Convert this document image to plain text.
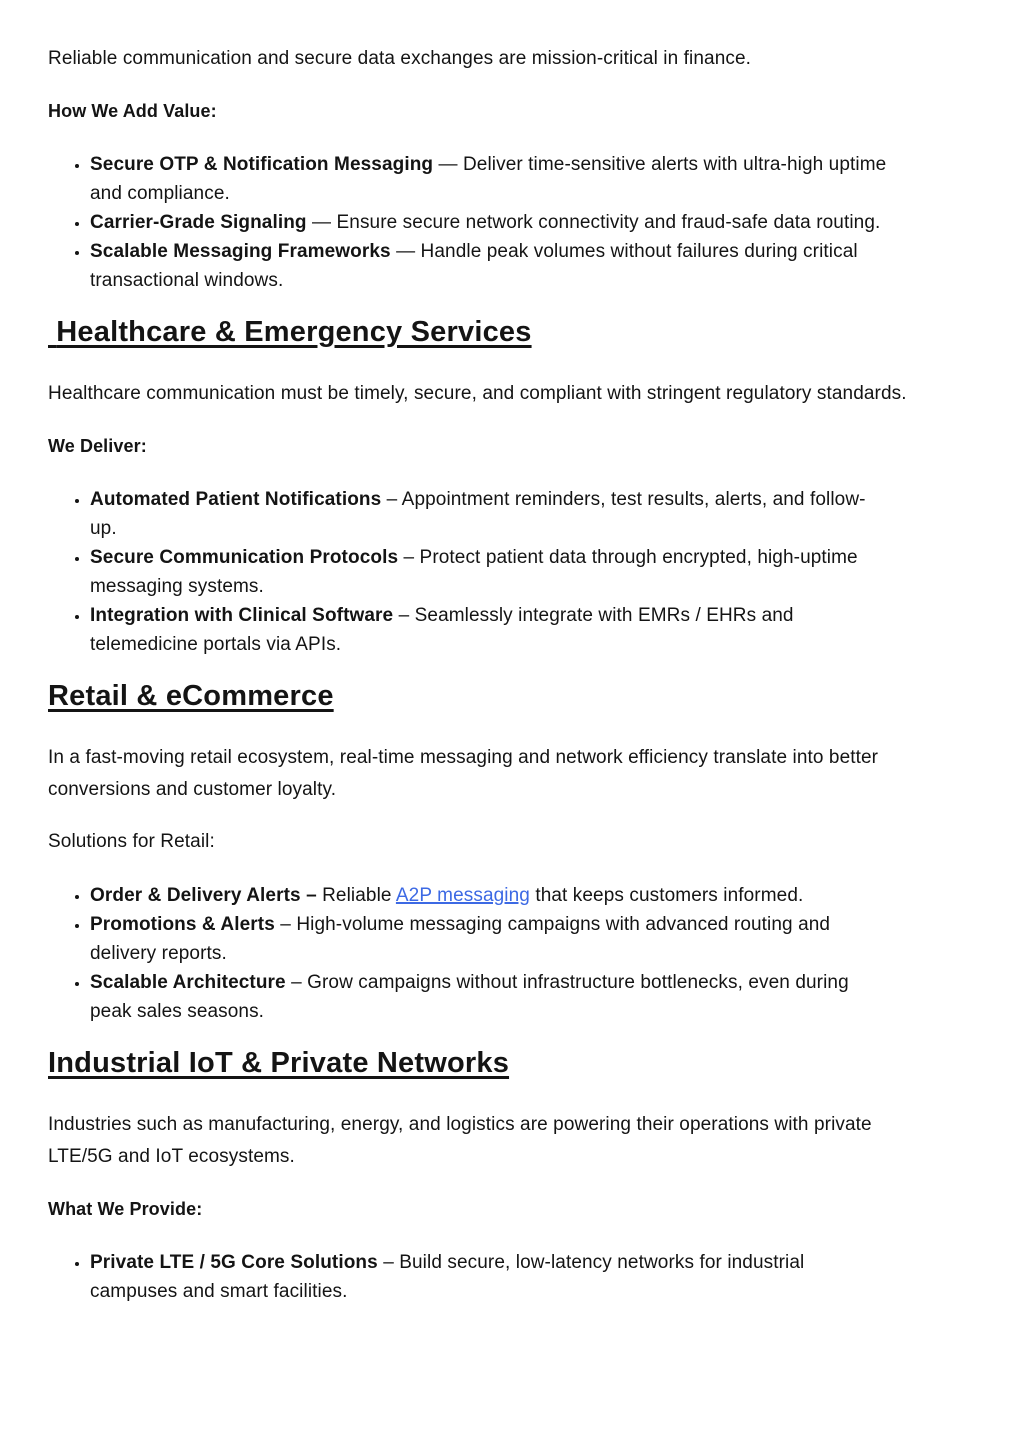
Reliable communication and secure data exchanges are mission-critical in finance.

How We Add Value:

• Secure OTP & Notification Messaging — Deliver time-sensitive alerts with ultra-high uptime and compliance.
• Carrier-Grade Signaling — Ensure secure network connectivity and fraud-safe data routing.
• Scalable Messaging Frameworks — Handle peak volumes without failures during critical transactional windows.
Healthcare & Emergency Services

Healthcare communication must be timely, secure, and compliant with stringent regulatory standards.

We Deliver:

• Automated Patient Notifications – Appointment reminders, test results, alerts, and follow-up.
• Secure Communication Protocols – Protect patient data through encrypted, high-uptime messaging systems.
• Integration with Clinical Software – Seamlessly integrate with EMRs / EHRs and telemedicine portals via APIs.
Retail & eCommerce

In a fast-moving retail ecosystem, real-time messaging and network efficiency translate into better conversions and customer loyalty.

Solutions for Retail:

• Order & Delivery Alerts – Reliable A2P messaging that keeps customers informed.
• Promotions & Alerts – High-volume messaging campaigns with advanced routing and delivery reports.
• Scalable Architecture – Grow campaigns without infrastructure bottlenecks, even during peak sales seasons.
Industrial IoT & Private Networks

Industries such as manufacturing, energy, and logistics are powering their operations with private LTE/5G and IoT ecosystems.

What We Provide:

• Private LTE / 5G Core Solutions – Build secure, low-latency networks for industrial campuses and smart facilities.
